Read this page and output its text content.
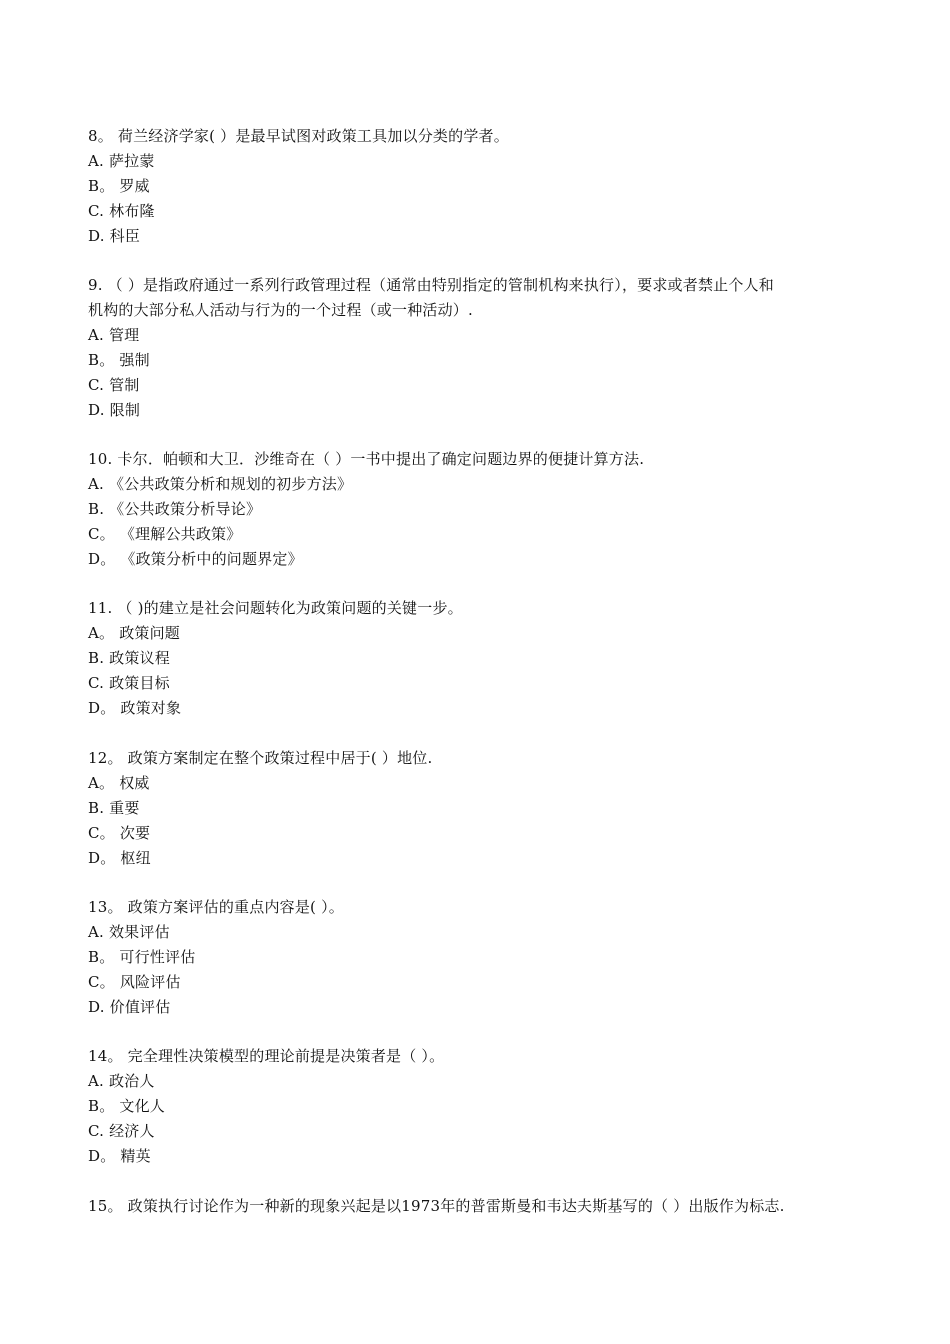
8。 荷兰经济学家( ）是最早试图对政策工具加以分类的学者。
A. 萨拉蒙
B。 罗威
C. 林布隆
D. 科臣
9. （ ）是指政府通过一系列行政管理过程（通常由特别指定的管制机构来执行），要求或者禁止个人和
机构的大部分私人活动与行为的一个过程（或一种活动）.
A. 管理
B。 强制
C. 管制
D. 限制
10. 卡尔．帕顿和大卫．沙维奇在（ ）一书中提出了确定问题边界的便捷计算方法.
A. 《公共政策分析和规划的初步方法》
B. 《公共政策分析导论》
C。 《理解公共政策》
D。 《政策分析中的问题界定》
11. （ )的建立是社会问题转化为政策问题的关键一步。
A。 政策问题
B. 政策议程
C. 政策目标
D。 政策对象
12。 政策方案制定在整个政策过程中居于( ）地位.
A。 权威
B. 重要
C。 次要
D。 枢纽
13。 政策方案评估的重点内容是( ）。
A. 效果评估
B。 可行性评估
C。 风险评估
D. 价值评估
14。 完全理性决策模型的理论前提是决策者是（ ）。
A. 政治人
B。 文化人
C. 经济人
D。 精英
15。 政策执行讨论作为一种新的现象兴起是以1973年的普雷斯曼和韦达夫斯基写的（ ）出版作为标志.
